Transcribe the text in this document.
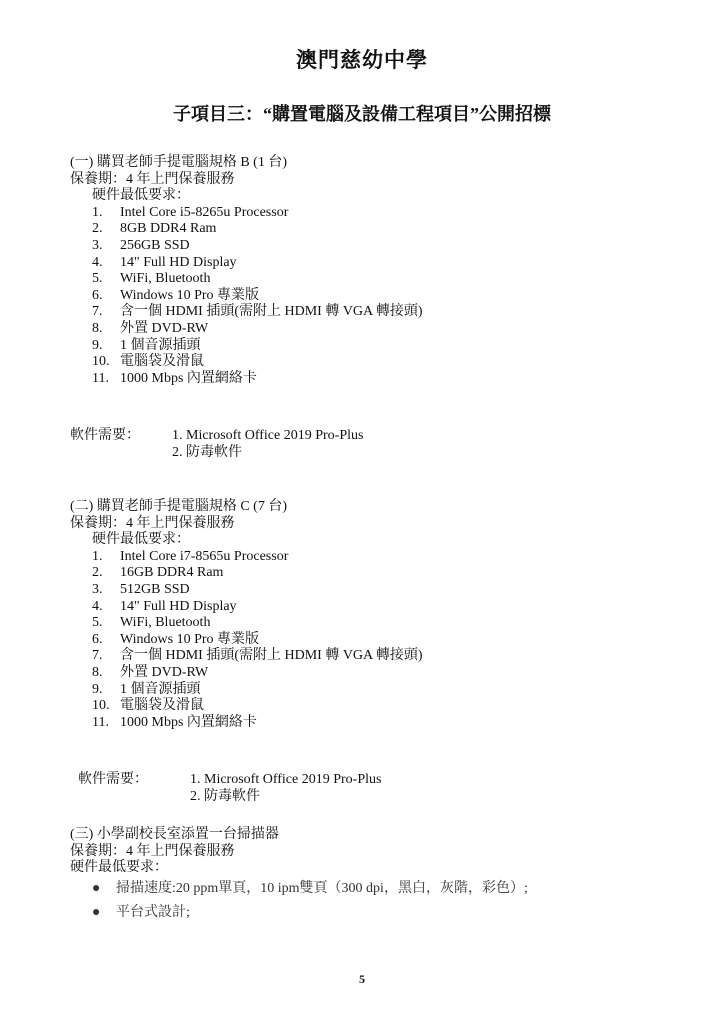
澳門慈幼中學
子項目三：“購置電腦及設備工程項目”公開招標
(一) 購買老師手提電腦規格 B (1 台)
保養期：4 年上門保養服務
硬件最低要求：
1. Intel Core i5-8265u Processor
2. 8GB DDR4 Ram
3. 256GB SSD
4. 14" Full HD Display
5. WiFi, Bluetooth
6. Windows 10 Pro 專業版
7. 含一個 HDMI 插頭(需附上 HDMI 轉 VGA 轉接頭)
8. 外置 DVD-RW
9. 1 個音源插頭
10. 電腦袋及滑鼠
11. 1000 Mbps 內置網絡卡
軟件需要： 1. Microsoft Office 2019 Pro-Plus
2. 防毒軟件
(二) 購買老師手提電腦規格 C (7 台)
保養期：4 年上門保養服務
硬件最低要求：
1. Intel Core i7-8565u Processor
2. 16GB DDR4 Ram
3. 512GB SSD
4. 14" Full HD Display
5. WiFi, Bluetooth
6. Windows 10 Pro 專業版
7. 含一個 HDMI 插頭(需附上 HDMI 轉 VGA 轉接頭)
8. 外置 DVD-RW
9. 1 個音源插頭
10. 電腦袋及滑鼠
11. 1000 Mbps 內置網絡卡
軟件需要：	1. Microsoft Office 2019 Pro-Plus
2. 防毒軟件
(三) 小學副校長室添置一台掃描器
保養期：4 年上門保養服務
硬件最低要求：
● 掃描速度:20 ppm單頁，10 ipm雙頁（300 dpi，黑白，灰階，彩色）;
● 平台式設計;
5
